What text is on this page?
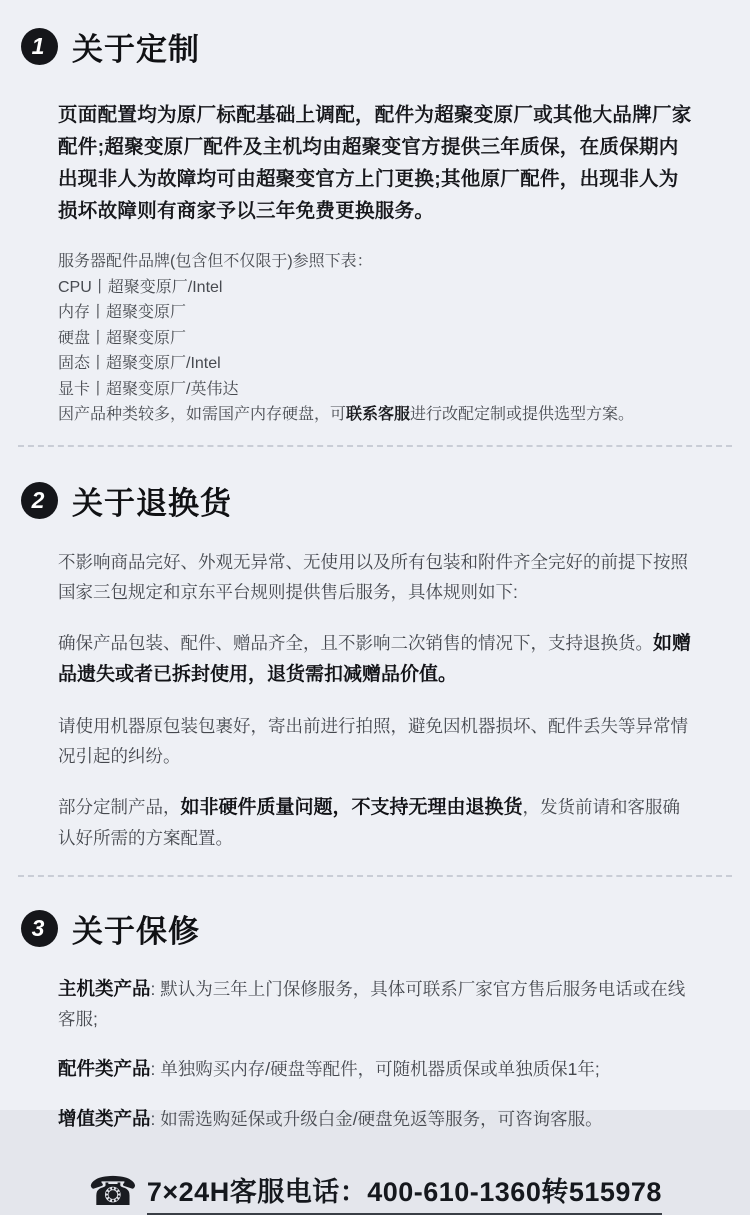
1 关于定制

页面配置均为原厂标配基础上调配，配件为超聚变原厂或其他大品牌厂家配件;超聚变原厂配件及主机均由超聚变官方提供三年质保，在质保期内出现非人为故障均可由超聚变官方上门更换;其他原厂配件，出现非人为损坏故障则有商家予以三年免费更换服务。

服务器配件品牌(包含但不仅限于)参照下表：
CPU丨超聚变原厂/Intel
内存丨超聚变原厂
硬盘丨超聚变原厂
固态丨超聚变原厂/Intel
显卡丨超聚变原厂/英伟达

因产品种类较多，如需国产内存硬盘，可联系客服进行改配定制或提供选型方案。

2 关于退换货

不影响商品完好、外观无异常、无使用以及所有包装和附件齐全完好的前提下按照国家三包规定和京东平台规则提供售后服务，具体规则如下:

确保产品包装、配件、赠品齐全，且不影响二次销售的情况下，支持退换货。如赠品遗失或者已拆封使用，退货需扣减赠品价值。

请使用机器原包装包裹好，寄出前进行拍照，避免因机器损坏、配件丢失等异常情况引起的纠纷。

部分定制产品，如非硬件质量问题，不支持无理由退换货，发货前请和客服确认好所需的方案配置。

3 关于保修

主机类产品: 默认为三年上门保修服务，具体可联系厂家官方售后服务电话或在线客服;

配件类产品: 单独购买内存/硬盘等配件，可随机器质保或单独质保1年;

增值类产品: 如需选购延保或升级白金/硬盘免返等服务，可咨询客服。

☎
7×24H客服电话：400-610-1360转515978
